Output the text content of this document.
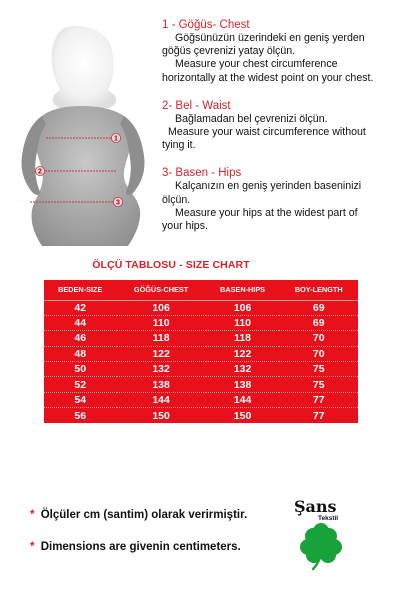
1
2
3
1 - Göğüs- Chest
Göğsünüzün üzerindeki en geniş yerden
göğüs çevrenizi yatay ölçün.
Measure your chest circumference
horizontally at the widest point on your chest.
2- Bel - Waist
Bağlamadan bel çevrenizi ölçün.
Measure your waist circumference without
tying it.
3- Basen - Hips
Kalçanızın en geniş yerinden baseninizi
ölçün.
Measure your hips at the widest part of
your hips.
ÖLÇÜ TABLOSU - SIZE CHART
BEDEN-SIZE	GÖĞÜS-CHEST	BASEN-HIPS	BOY-LENGTH
42	106	106	69
44	110	110	69
46	118	118	70
48	122	122	70
50	132	132	75
52	138	138	75
54	144	144	77
56	150	150	77
* Ölçüler cm (santim) olarak verirmiştir.
* Dimensions are givenin centimeters.
Şans
Tekstil
